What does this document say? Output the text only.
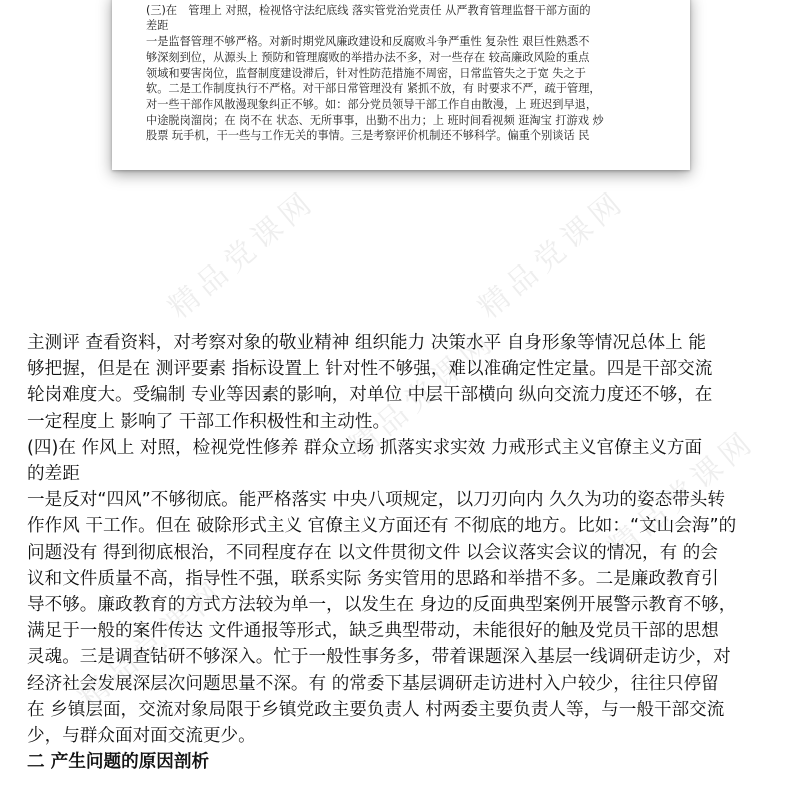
精品党课网	精品党课网
精品党课网
精品党课网
精品党课网

(三)在　管理上 对照，检视恪守法纪底线 落实管党治党责任 从严教育管理监督干部方面的

差距

一是监督管理不够严格。对新时期党风廉政建设和反腐败斗争严重性 复杂性 艰巨性熟悉不

够深刻到位，从源头上 预防和管理腐败的举措办法不多，对一些存在 较高廉政风险的重点

领域和要害岗位，监督制度建设滞后，针对性防范措施不周密，日常监管失之于宽 失之于

软。二是工作制度执行不严格。对干部日常管理没有 紧抓不放，有 时要求不严，疏于管理，

对一些干部作风散漫现象纠正不够。如：部分党员领导干部工作自由散漫，上 班迟到早退，

中途脱岗溜岗；在 岗不在 状态、无所事事，出勤不出力；上 班时间看视频 逛淘宝 打游戏 炒

股票 玩手机，干一些与工作无关的事情。三是考察评价机制还不够科学。偏重个别谈话 民

主测评 查看资料，对考察对象的敬业精神 组织能力 决策水平 自身形象等情况总体上 能

够把握，但是在 测评要素 指标设置上 针对性不够强，难以准确定性定量。四是干部交流

轮岗难度大。受编制 专业等因素的影响，对单位 中层干部横向 纵向交流力度还不够，在

一定程度上 影响了 干部工作积极性和主动性。

(四)在 作风上 对照，检视党性修养 群众立场 抓落实求实效 力戒形式主义官僚主义方面

的差距

一是反对“四风”不够彻底。能严格落实 中央八项规定，以刀刃向内 久久为功的姿态带头转

作作风 干工作。但在 破除形式主义 官僚主义方面还有 不彻底的地方。比如：“文山会海”的

问题没有 得到彻底根治，不同程度存在 以文件贯彻文件 以会议落实会议的情况，有 的会

议和文件质量不高，指导性不强，联系实际 务实管用的思路和举措不多。二是廉政教育引

导不够。廉政教育的方式方法较为单一，以发生在 身边的反面典型案例开展警示教育不够，

满足于一般的案件传达 文件通报等形式，缺乏典型带动，未能很好的触及党员干部的思想

灵魂。三是调查钻研不够深入。忙于一般性事务多，带着课题深入基层一线调研走访少，对

经济社会发展深层次问题思量不深。有 的常委下基层调研走访进村入户较少，往往只停留

在 乡镇层面，交流对象局限于乡镇党政主要负责人 村两委主要负责人等，与一般干部交流

少，与群众面对面交流更少。

二 产生问题的原因剖析
